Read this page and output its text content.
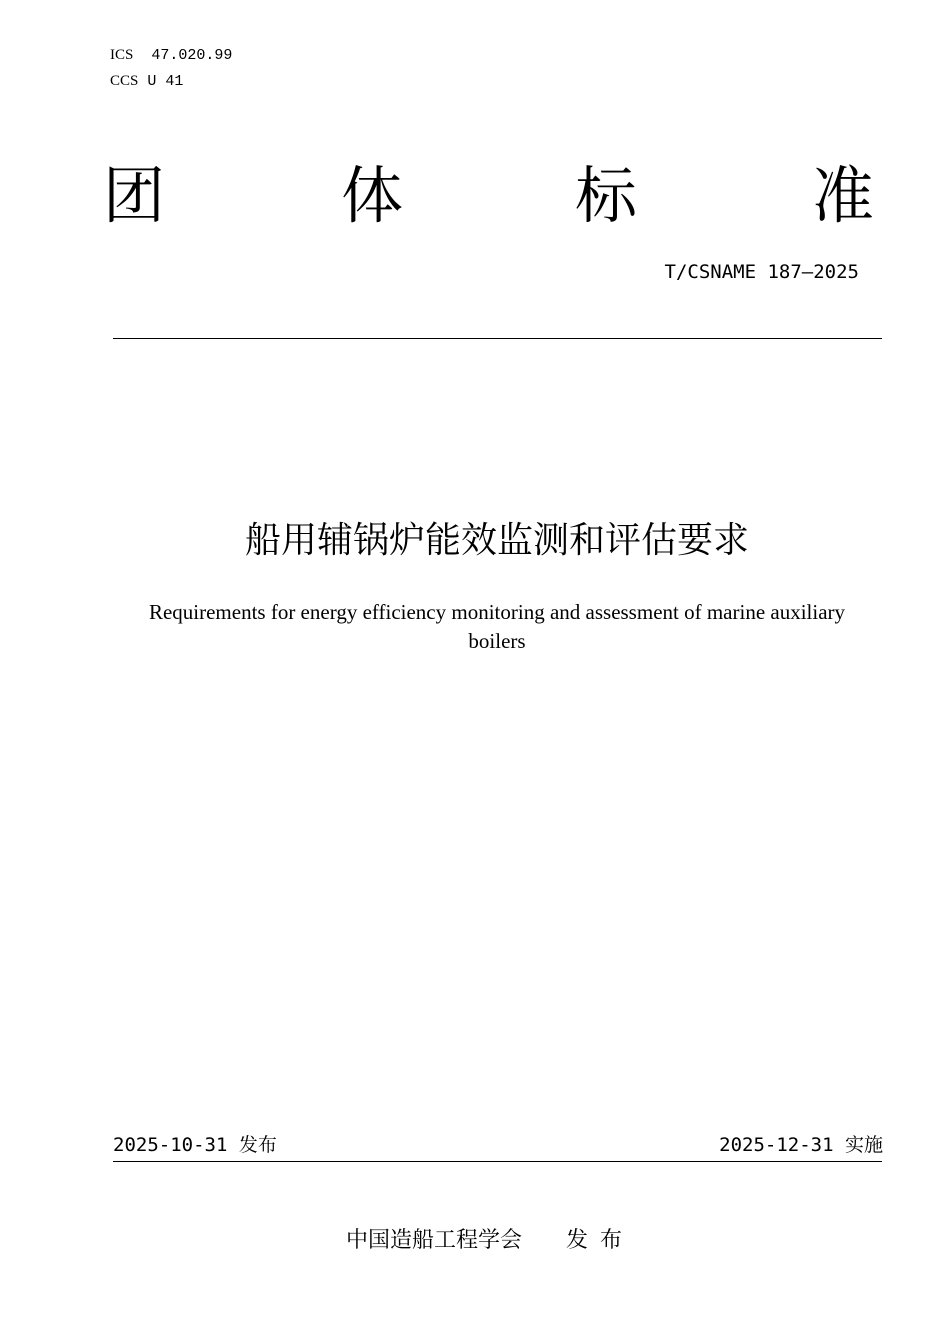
ICS 47.020.99
CCS U 41
团	体	标	准
T/CSNAME 187—2025
船用辅锅炉能效监测和评估要求
Requirements for energy efficiency monitoring and assessment of marine auxiliary
boilers
2025-10-31 发布	2025-12-31 实施
中国造船工程学会 发 布
